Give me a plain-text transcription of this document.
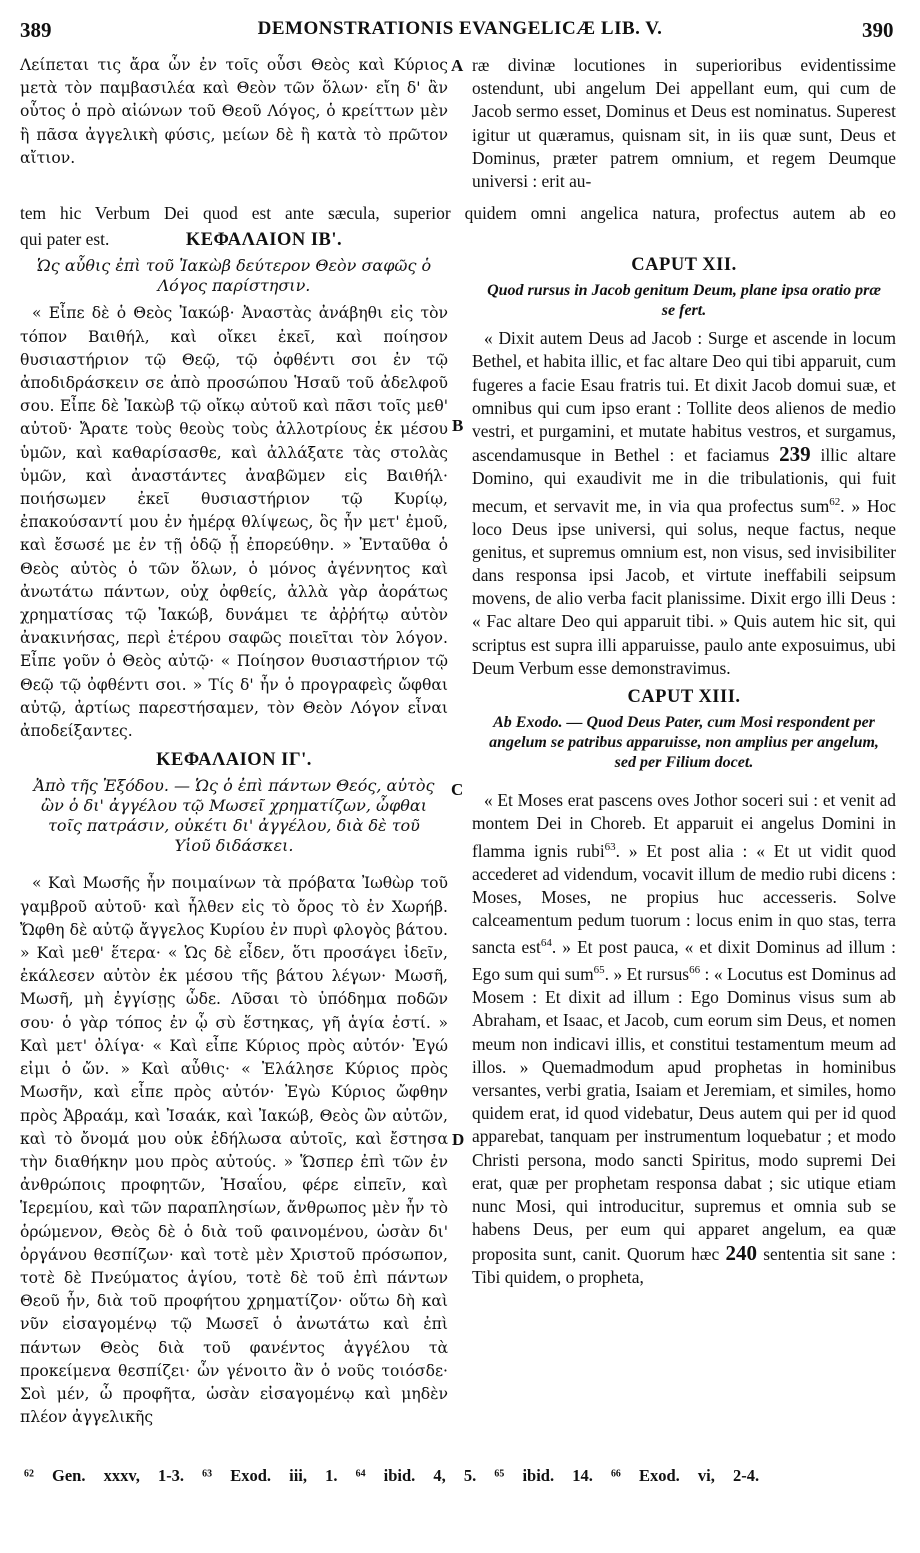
389	DEMONSTRATIONIS EVANGELICÆ LIB. V.	390

Λείπεται τις ἄρα ὧν ἐν τοῖς οὖσι Θεὸς καὶ Κύριος μετὰ τὸν παμβασιλέα καὶ Θεὸν τῶν ὅλων· εἴη δ' ἂν οὗτος ὁ πρὸ αἰώνων τοῦ Θεοῦ Λόγος, ὁ κρείττων μὲν ἢ πᾶσα ἀγγελικὴ φύσις, μείων δὲ ἢ κατὰ τὸ πρῶτον αἴτιον.

ræ divinæ locutiones in superioribus evidentissime ostendunt, ubi angelum Dei appellant eum, qui cum de Jacob sermo esset, Dominus et Deus est nominatus. Superest igitur ut quæramus, quisnam sit, in iis quæ sunt, Deus et Dominus, præter patrem omnium, et regem Deumque universi : erit au-

A

tem hic Verbum Dei quod est ante sæcula, superior quidem omni angelica natura, profectus autem ab eo

qui pater est.	ΚΕΦΑΛΑΙΟΝ ΙΒ'.
Ὡς αὖθις ἐπὶ τοῦ Ἰακὼβ δεύτερον Θεὸν σαφῶς ὁ Λόγος παρίστησιν.

« Εἶπε δὲ ὁ Θεὸς Ἰακώβ· Ἀναστὰς ἀνάβηθι εἰς τὸν τόπον Βαιθήλ, καὶ οἴκει ἐκεῖ, καὶ ποίησον θυσιαστήριον τῷ Θεῷ, τῷ ὀφθέντι σοι ἐν τῷ ἀποδιδράσκειν σε ἀπὸ προσώπου Ἡσαῦ τοῦ ἀδελφοῦ σου. Εἶπε δὲ Ἰακὼβ τῷ οἴκῳ αὐτοῦ καὶ πᾶσι τοῖς μεθ' αὐτοῦ· Ἄρατε τοὺς θεοὺς τοὺς ἀλλοτρίους ἐκ μέσου ὑμῶν, καὶ καθαρίσασθε, καὶ ἀλλάξατε τὰς στολὰς ὑμῶν, καὶ ἀναστάντες ἀναβῶμεν εἰς Βαιθήλ· ποιήσωμεν ἐκεῖ θυσιαστήριον τῷ Κυρίῳ, ἐπακούσαντί μου ἐν ἡμέρᾳ θλίψεως, ὃς ἦν μετ' ἐμοῦ, καὶ ἔσωσέ με ἐν τῇ ὁδῷ ᾗ ἐπορεύθην. » Ἐνταῦθα ὁ Θεὸς αὐτὸς ὁ τῶν ὅλων, ὁ μόνος ἀγέννητος καὶ ἀνωτάτω πάντων, οὐχ ὀφθείς, ἀλλὰ γὰρ ἀοράτως χρηματίσας τῷ Ἰακώβ, δυνάμει τε ἀῤῥήτῳ αὐτὸν ἀνακινήσας, περὶ ἑτέρου σαφῶς ποιεῖται τὸν λόγον. Εἶπε γοῦν ὁ Θεὸς αὐτῷ· « Ποίησον θυσιαστήριον τῷ Θεῷ τῷ ὀφθέντι σοι. » Τίς δ' ἦν ὁ προγραφεὶς ὤφθαι αὐτῷ, ἀρτίως παρεστήσαμεν, τὸν Θεὸν Λόγον εἶναι ἀποδείξαντες.

ΚΕΦΑΛΑΙΟΝ ΙΓ'.
Ἀπὸ τῆς Ἐξόδου. — Ὡς ὁ ἐπὶ πάντων Θεός, αὐτὸς ὢν ὁ δι' ἀγγέλου τῷ Μωσεῖ χρηματίζων, ὦφθαι τοῖς πατράσιν, οὐκέτι δι' ἀγγέλου, διὰ δὲ τοῦ Υἱοῦ διδάσκει.

« Καὶ Μωσῆς ἦν ποιμαίνων τὰ πρόβατα Ἰωθὼρ τοῦ γαμβροῦ αὐτοῦ· καὶ ἦλθεν εἰς τὸ ὄρος τὸ ἐν Χωρήβ. Ὤφθη δὲ αὐτῷ ἄγγελος Κυρίου ἐν πυρὶ φλογὸς βάτου. » Καὶ μεθ' ἕτερα· « Ὡς δὲ εἶδεν, ὅτι προσάγει ἰδεῖν, ἐκάλεσεν αὐτὸν ἐκ μέσου τῆς βάτου λέγων· Μωσῆ, Μωσῆ, μὴ ἐγγίσῃς ὧδε. Λῦσαι τὸ ὑπόδημα ποδῶν σου· ὁ γὰρ τόπος ἐν ᾧ σὺ ἕστηκας, γῆ ἁγία ἐστί. » Καὶ μετ' ὀλίγα· « Καὶ εἶπε Κύριος πρὸς αὐτόν· Ἐγώ εἰμι ὁ ὤν. » Καὶ αὖθις· « Ἐλάλησε Κύριος πρὸς Μωσῆν, καὶ εἶπε πρὸς αὐτόν· Ἐγὼ Κύριος ὤφθην πρὸς Ἀβραάμ, καὶ Ἰσαάκ, καὶ Ἰακώβ, Θεὸς ὢν αὐτῶν, καὶ τὸ ὄνομά μου οὐκ ἐδήλωσα αὐτοῖς, καὶ ἔστησα τὴν διαθήκην μου πρὸς αὐτούς. » Ὥσπερ ἐπὶ τῶν ἐν ἀνθρώποις προφητῶν, Ἡσαΐου, φέρε εἰπεῖν, καὶ Ἱερεμίου, καὶ τῶν παραπλησίων, ἄνθρωπος μὲν ἦν τὸ ὁρώμενον, Θεὸς δὲ ὁ διὰ τοῦ φαινομένου, ὡσὰν δι' ὀργάνου θεσπίζων· καὶ τοτὲ μὲν Χριστοῦ πρόσωπον, τοτὲ δὲ Πνεύματος ἁγίου, τοτὲ δὲ τοῦ ἐπὶ πάντων Θεοῦ ἦν, διὰ τοῦ προφήτου χρηματίζον· οὕτω δὴ καὶ νῦν εἰσαγομένῳ τῷ Μωσεῖ ὁ ἀνωτάτω καὶ ἐπὶ πάντων Θεὸς διὰ τοῦ φανέντος ἀγγέλου τὰ προκείμενα θεσπίζει· ὧν γένοιτο ἂν ὁ νοῦς τοιόσδε· Σοὶ μέν, ὦ προφῆτα, ὡσὰν εἰσαγομένῳ καὶ μηδὲν πλέον ἀγγελικῆς

CAPUT XII.
Quod rursus in Jacob genitum Deum, plane ipsa oratio præ se fert.

« Dixit autem Deus ad Jacob : Surge et ascende in locum Bethel, et habita illic, et fac altare Deo qui tibi apparuit, cum fugeres a facie Esau fratris tui. Et dixit Jacob domui suæ, et omnibus qui cum ipso erant : Tollite deos alienos de medio vestri, et purgamini, et mutate habitus vestros, et surgamus, ascendamusque in Bethel : et faciamus 239 illic altare Domino, qui exaudivit me in die tribulationis, qui fuit mecum, et servavit me, in via qua profectus sum$^{62}$. » Hoc loco Deus ipse universi, qui solus, neque factus, neque genitus, et supremus omnium est, non visus, sed invisibiliter dans responsa ipsi Jacob, et virtute ineffabili seipsum movens, de alio verba facit planissime. Dixit ergo illi Deus : « Fac altare Deo qui apparuit tibi. » Quis autem hic sit, qui scriptus est supra illi apparuisse, paulo ante exposuimus, ubi Deum Verbum esse demonstravimus.

CAPUT XIII.
Ab Exodo. — Quod Deus Pater, cum Mosi respondent per angelum se patribus apparuisse, non amplius per angelum, sed per Filium docet.

« Et Moses erat pascens oves Jothor soceri sui : et venit ad montem Dei in Choreb. Et apparuit ei angelus Domini in flamma ignis rubi$^{63}$. » Et post alia : « Et ut vidit quod accederet ad videndum, vocavit illum de medio rubi dicens : Moses, Moses, ne propius huc accesseris. Solve calceamentum pedum tuorum : locus enim in quo stas, terra sancta est$^{64}$. » Et post pauca, « et dixit Dominus ad illum : Ego sum qui sum$^{65}$. » Et rursus$^{66}$ : « Locutus est Dominus ad Mosem : Et dixit ad illum : Ego Dominus visus sum ab Abraham, et Isaac, et Jacob, cum eorum sim Deus, et nomen meum non indicavi illis, et constitui testamentum meum ad illos. » Quemadmodum apud prophetas in hominibus versantes, verbi gratia, Isaiam et Jeremiam, et similes, homo quidem erat, id quod videbatur, Deus autem qui per id quod apparebat, tanquam per instrumentum loquebatur ; et modo Christi persona, modo sancti Spiritus, modo supremi Dei erat, quæ per prophetam responsa dabat ; sic utique etiam nunc Mosi, qui introducitur, supremus et omnia sub se habens Deus, per eum qui apparet angelum, ea quæ proposita sunt, canit. Quorum hæc 240 sententia sit sane : Tibi quidem, o propheta,

B
C
D
⁶² Gen. xxxv, 1-3. ⁶³ Exod. iii, 1. ⁶⁴ ibid. 4, 5. ⁶⁵ ibid. 14. ⁶⁶ Exod. vi, 2-4.
